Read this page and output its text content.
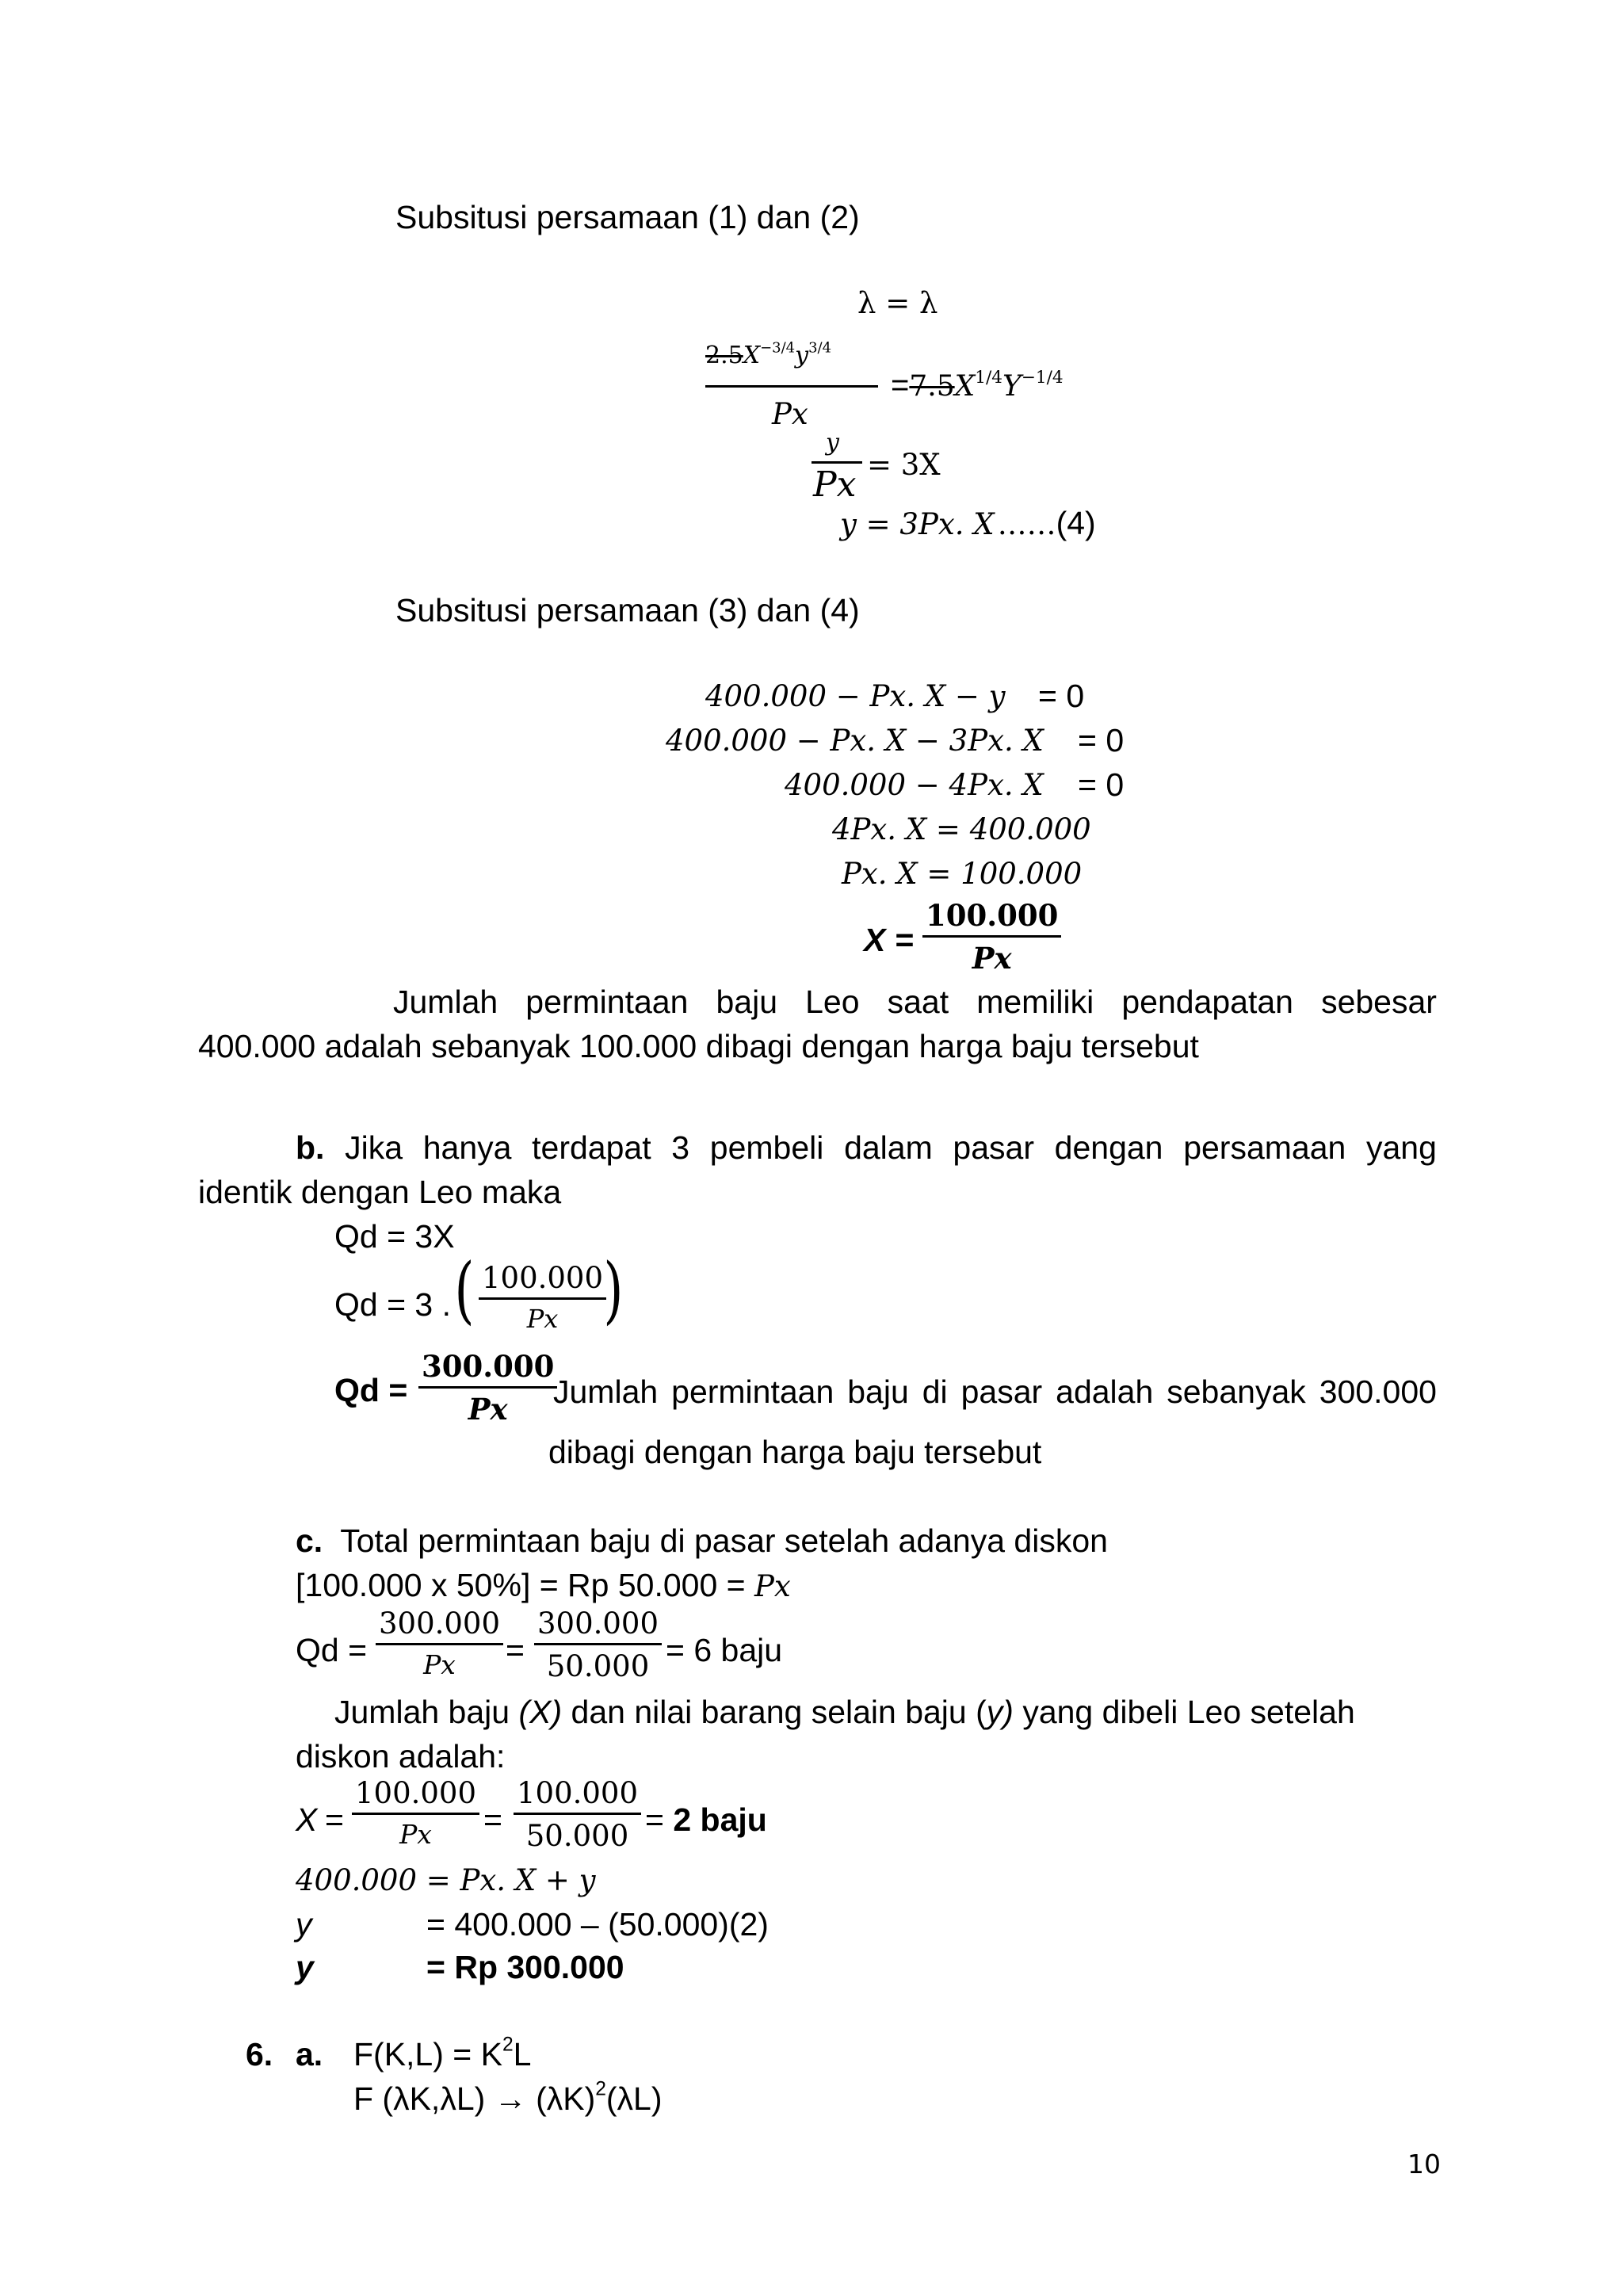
Subsitusi persamaan (1) dan (2)
λ = λ
$2.5X^{-3/4}y^{3/4}$
Px
$=7.5X^{1/4}Y^{-1/4}$
y
Px = 3X
y = 3Px. X ……(4)
Subsitusi persamaan (3) dan (4)
400.000 − Px. X − y = 0
400.000 − Px. X − 3Px. X = 0
400.000 − 4Px. X = 0
4Px. X = 400.000
Px. X = 100.000
X =
100.000
Px
Jumlah permintaan baju Leo saat memiliki pendapatan sebesar
400.000 adalah sebanyak 100.000 dibagi dengan harga baju tersebut
b. Jika hanya terdapat 3 pembeli dalam pasar dengan persamaan yang
identik dengan Leo maka
Qd = 3X
Qd = 3 . ( 100.000
Px )
Qd =
300.000
Px Jumlah permintaan baju di pasar adalah sebanyak 300.000
dibagi dengan harga baju tersebut
c. Total permintaan baju di pasar setelah adanya diskon
[100.000 x 50%] = Rp 50.000 = Px
Qd =
300.000
Px =
300.000
50.000 = 6 baju
Jumlah baju (X) dan nilai barang selain baju (y) yang dibeli Leo setelah
diskon adalah:
X =
100.000
Px =
100.000
50.000 = 2 baju
400.000 = Px. X + y
y	= 400.000 – (50.000)(2)
y	= Rp 300.000
6. a. $F(K,L) = K^2L$
F $(\lambda K,\lambda L) \to (\lambda K)^2(\lambda L)$
10
